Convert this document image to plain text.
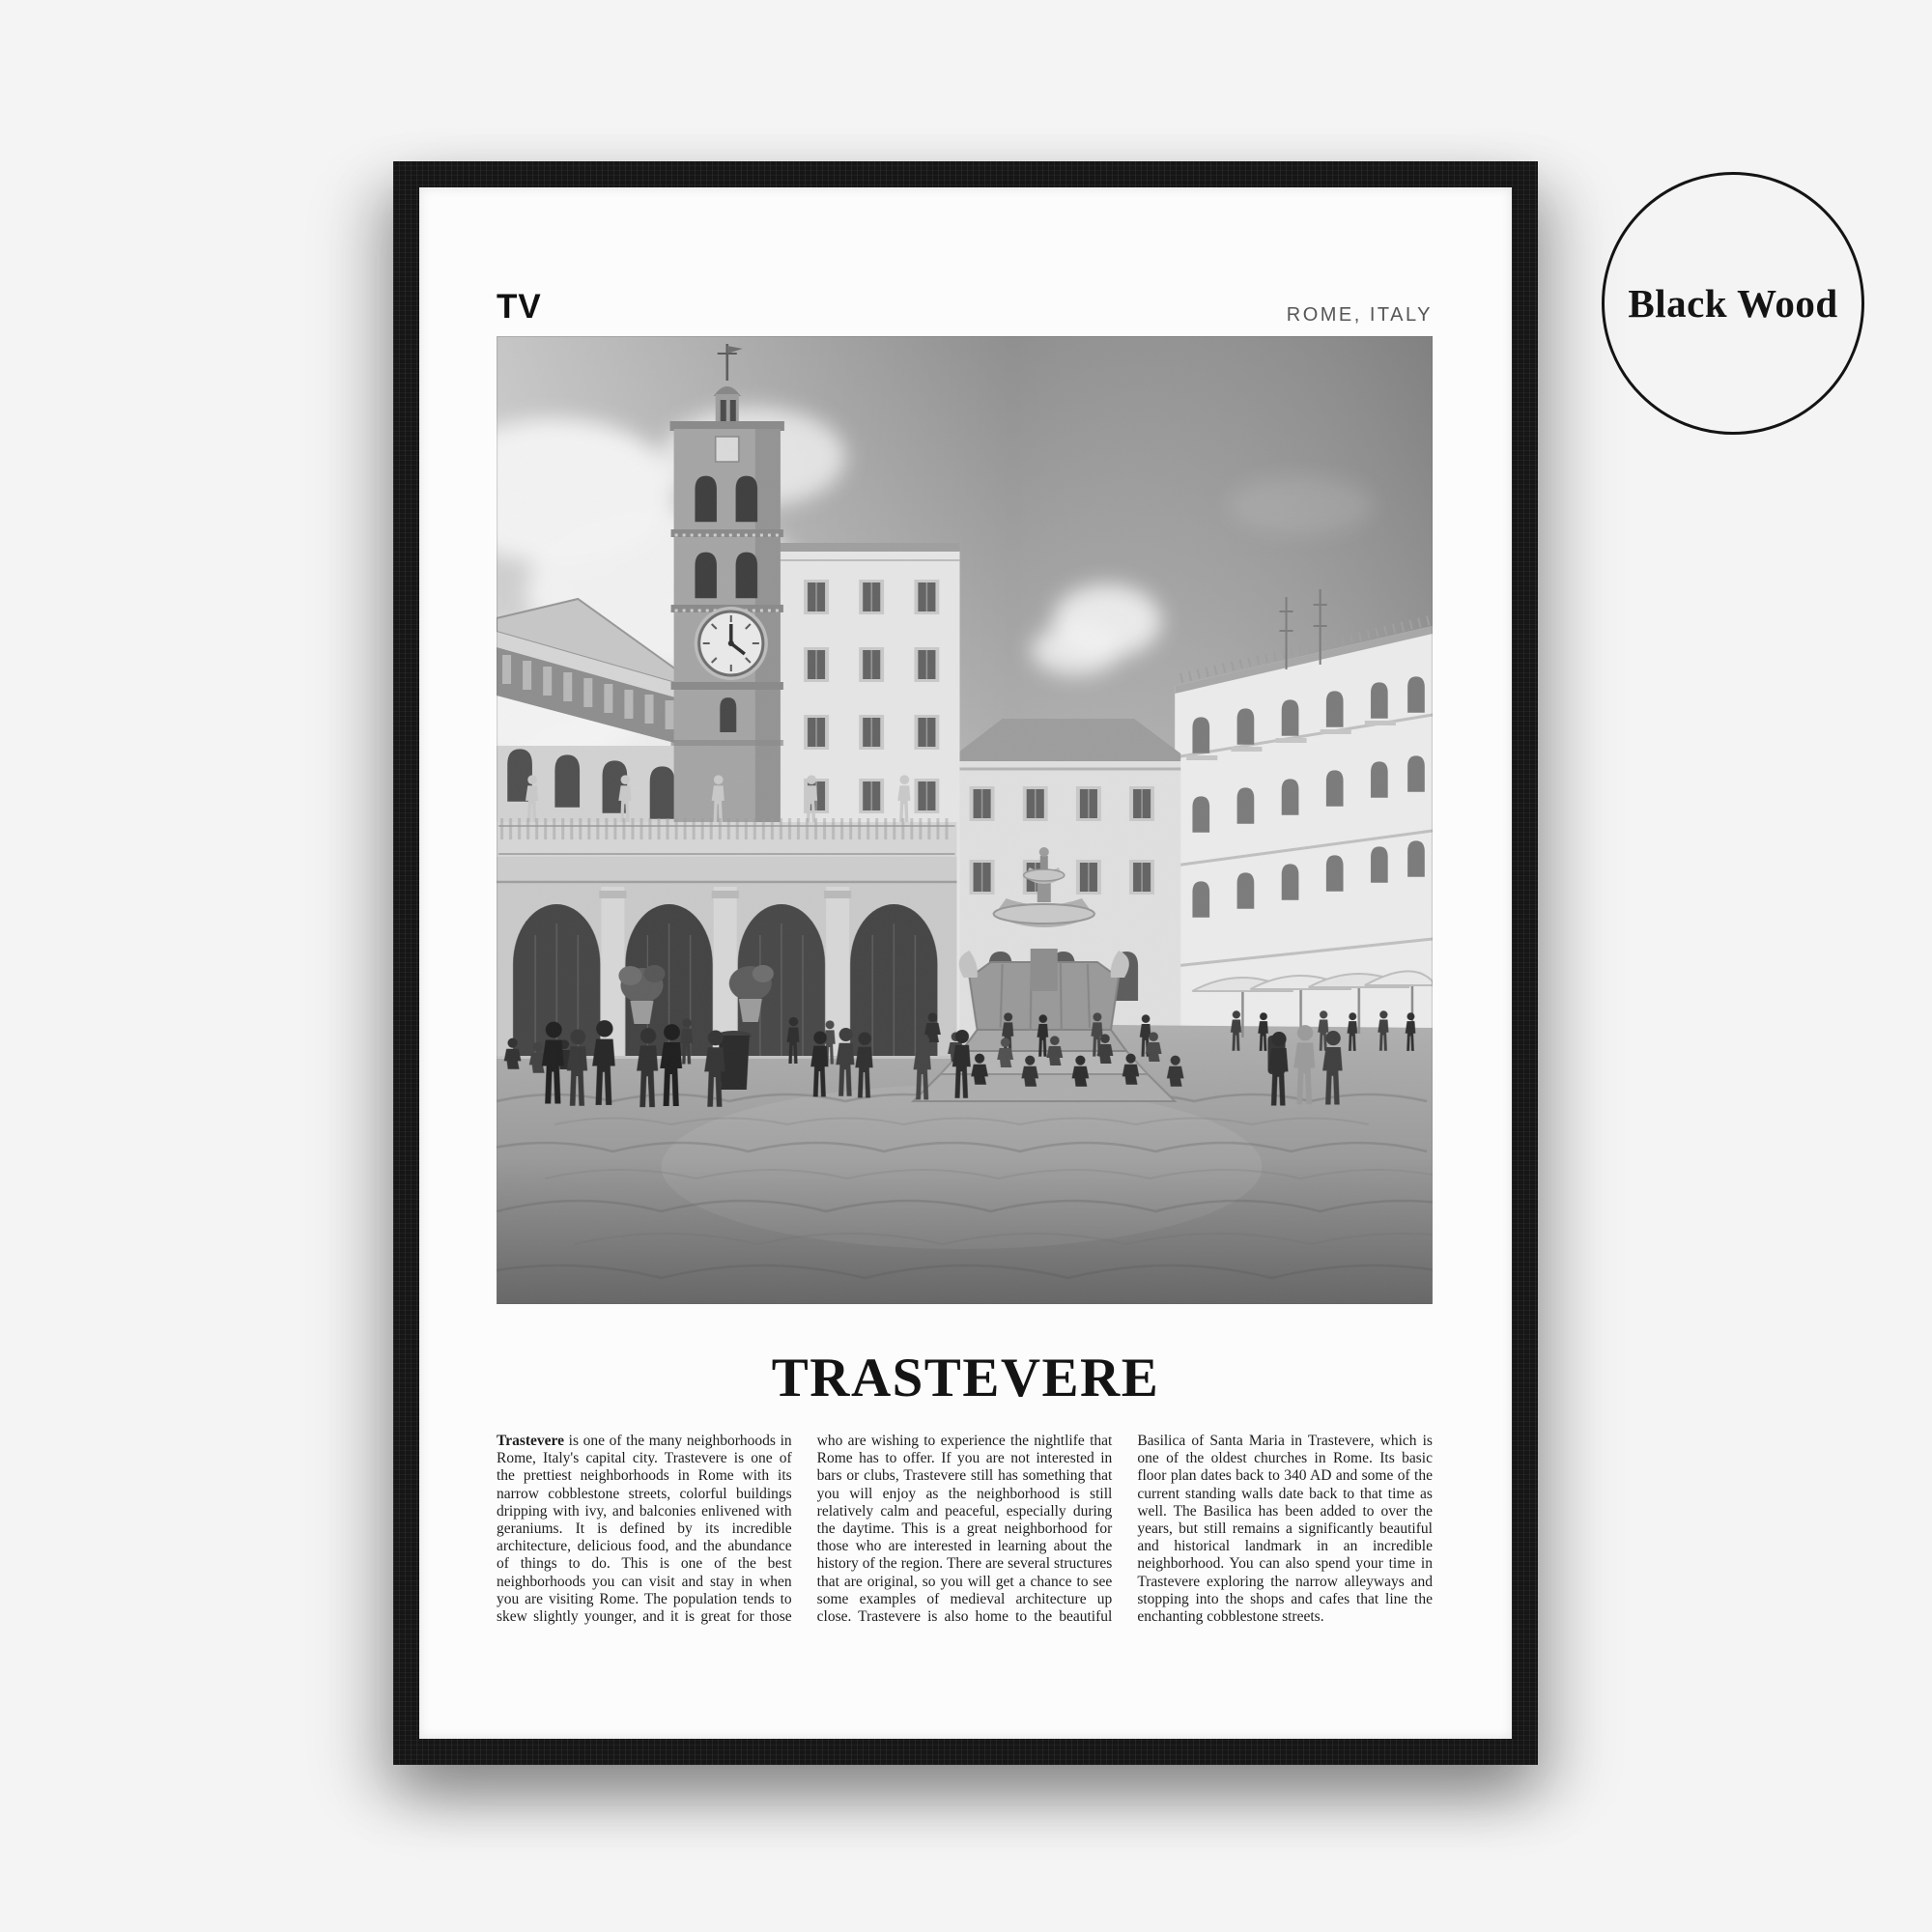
Black Wood
TV	ROME, ITALY
TRASTEVERE
Trastevere is one of the many neighborhoods in Rome, Italy's capital city. Trastevere is one of the prettiest neighborhoods in Rome with its narrow cobblestone streets, colorful buildings dripping with ivy, and balconies enlivened with geraniums. It is defined by its incredible architecture, delicious food, and the abundance of things to do. This is one of the best neighborhoods you can visit and stay in when you are visiting Rome. The population tends to skew slightly younger, and it is great for those who are wishing to experience the nightlife that Rome has to offer. If you are not interested in bars or clubs, Trastevere still has something that you will enjoy as the neighborhood is still relatively calm and peaceful, especially during the daytime. This is a great neighborhood for those who are interested in learning about the history of the region. There are several structures that are original, so you will get a chance to see some examples of medieval architecture up close. Trastevere is also home to the beautiful Basilica of Santa Maria in Trastevere, which is one of the oldest churches in Rome. Its basic floor plan dates back to 340 AD and some of the current standing walls date back to that time as well. The Basilica has been added to over the years, but still remains a significantly beautiful and historical landmark in an incredible neighborhood. You can also spend your time in Trastevere exploring the narrow alleyways and stopping into the shops and cafes that line the enchanting cobblestone streets.
